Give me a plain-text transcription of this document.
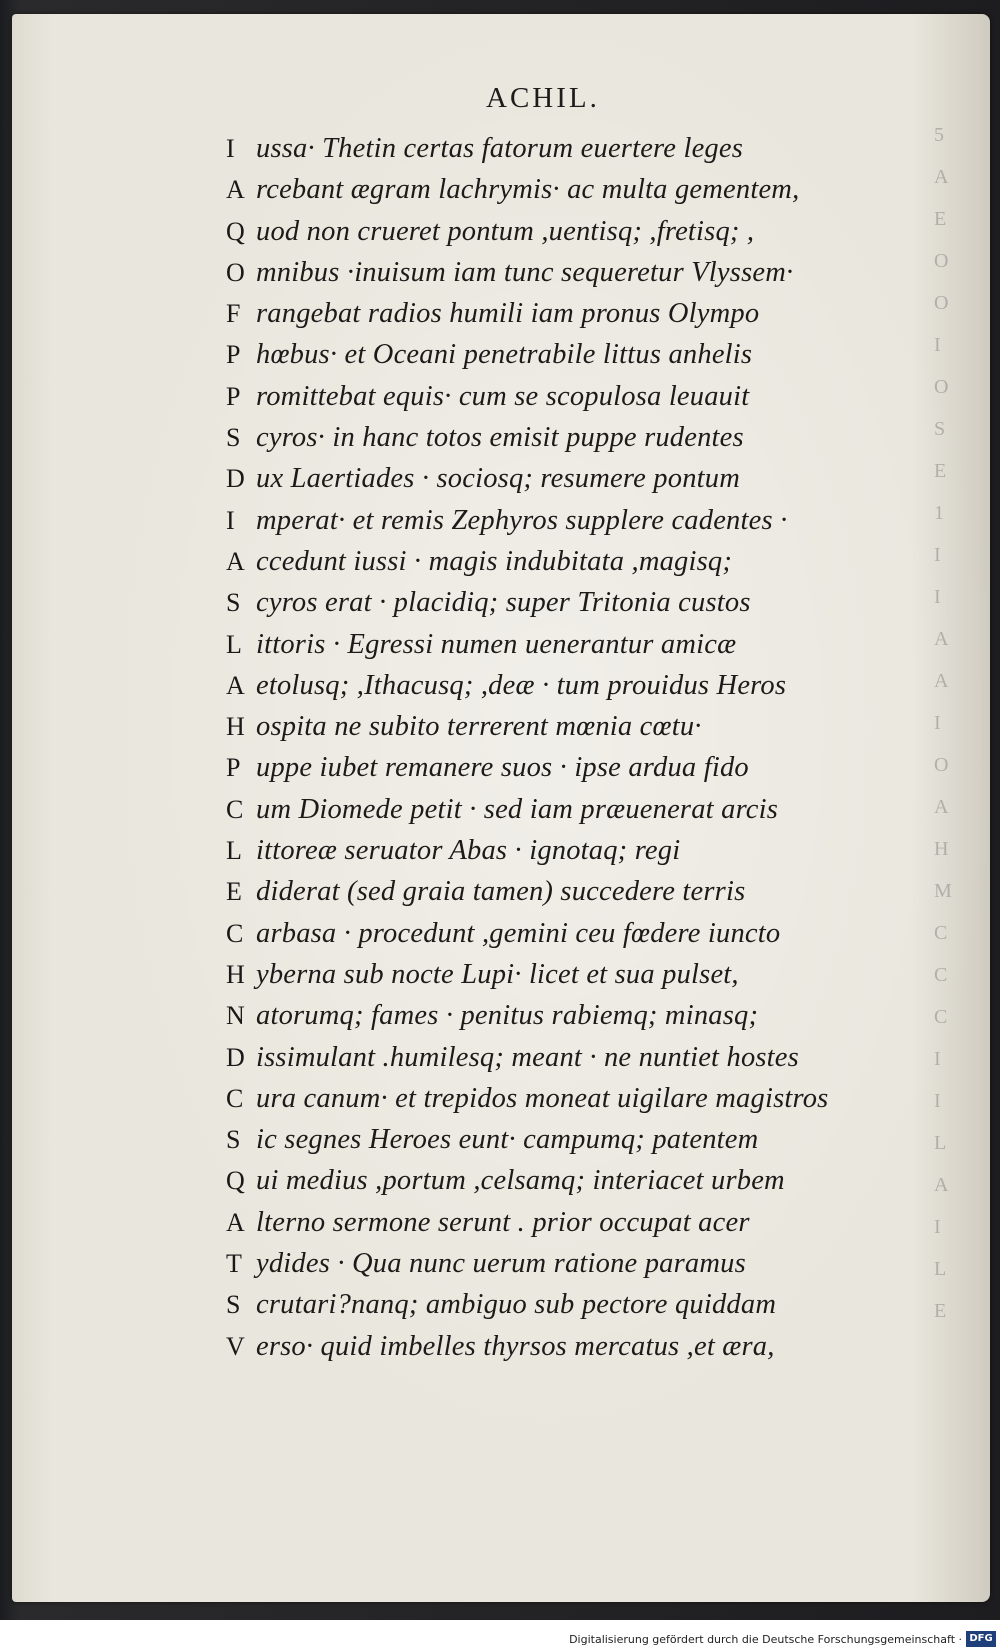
5
A
E
O
O
I
O
S
E
1
I
I
A
A
I
O
A
H
M
C
C
C
I
I
L
A
I
L
E
ACHIL.
I ussa· Thetin certas fatorum euertere leges
A rcebant ægram lachrymis· ac multa gementem,
Q uod non crueret pontum ,uentisq; ,fretisq; ,
O mnibus ·inuisum iam tunc sequeretur Vlyssem·
F rangebat radios humili iam pronus Olympo
P hœbus· et Oceani penetrabile littus anhelis
P romittebat equis· cum se scopulosa leuauit
S cyros· in hanc totos emisit puppe rudentes
D ux Laertiades · sociosq; resumere pontum
I mperat· et remis Zephyros supplere cadentes ·
A ccedunt iussi · magis indubitata ,magisq;
S cyros erat · placidiq; super Tritonia custos
L ittoris · Egressi numen uenerantur amicæ
A etolusq; ,Ithacusq; ,deæ · tum prouidus Heros
H ospita ne subito terrerent mœnia cœtu·
P uppe iubet remanere suos · ipse ardua fido
C um Diomede petit · sed iam præuenerat arcis
L ittoreæ seruator Abas · ignotaq; regi
E diderat (sed graia tamen) succedere terris
C arbasa · procedunt ,gemini ceu fœdere iuncto
H yberna sub nocte Lupi· licet et sua pulset,
N atorumq; fames · penitus rabiemq; minasq;
D issimulant .humilesq; meant · ne nuntiet hostes
C ura canum· et trepidos moneat uigilare magistros
S ic segnes Heroes eunt· campumq; patentem
Q ui medius ,portum ,celsamq; interiacet urbem
A lterno sermone serunt . prior occupat acer
T ydides · Qua nunc uerum ratione paramus
S crutari?nanq; ambiguo sub pectore quiddam
V erso· quid imbelles thyrsos mercatus ,et æra,
Digitalisierung gefördert durch die Deutsche Forschungsgemeinschaft · DFG
